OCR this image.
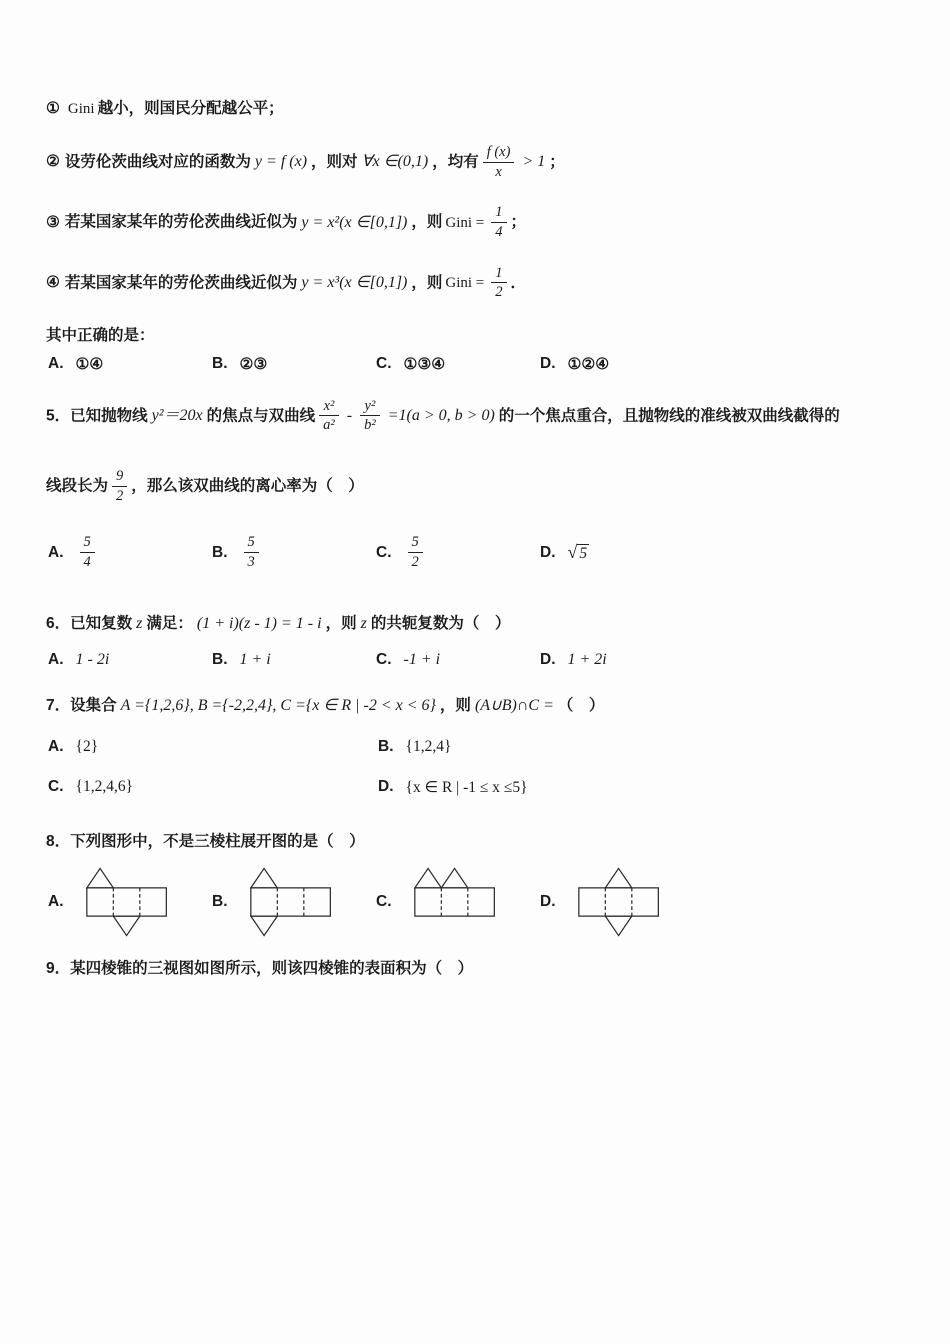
① Gini 越小，则国民分配越公平；
② 设劳伦茨曲线对应的函数为 y = f (x) ，则对 ∀x ∈(0,1) ，均有 $\frac{f (x)}{x} > 1$ ；
③ 若某国家某年的劳伦茨曲线近似为 y = x²(x ∈[0,1]) ，则 Gini = $\frac{1}{4}$ ；
④ 若某国家某年的劳伦茨曲线近似为 y = x³(x ∈[0,1]) ，则 Gini = $\frac{1}{2}$ ．
其中正确的是：
A. ①④	B. ②③	C. ①③④	D. ①②④
5．已知抛物线 y²＝20x 的焦点与双曲线 $\frac{\text{x²}}{\text{a²}} - \frac{\text{y²}}{\text{b²}} =1(a > 0$, b > 0) 的一个焦点重合，且抛物线的准线被双曲线截得的
线段长为 $\frac{9}{2}$ ，那么该双曲线的离心率为（　）
A. $\frac{5}{4}$	B. $\frac{5}{3}$	C. $\frac{5}{2}$	D. √ 5
6．已知复数 z 满足： (1 + i)(z - 1) = 1 - i ，则 z 的共轭复数为（　）
A. 1 - 2i	B. 1 + i	C. -1 + i	D. 1 + 2i
7．设集合 A ={1,2,6}, B ={-2,2,4}, C ={x ∈ R | -2 < x < 6} ，则 (A∪B)∩C = （　）
A. {2}	B. {1,2,4}
C. {1,2,4,6}	D. {x ∈ R | -1 ≤ x ≤5}
8．下列图形中，不是三棱柱展开图的是（　）
A.	B.	C.	D.
9．某四棱锥的三视图如图所示，则该四棱锥的表面积为（　）
